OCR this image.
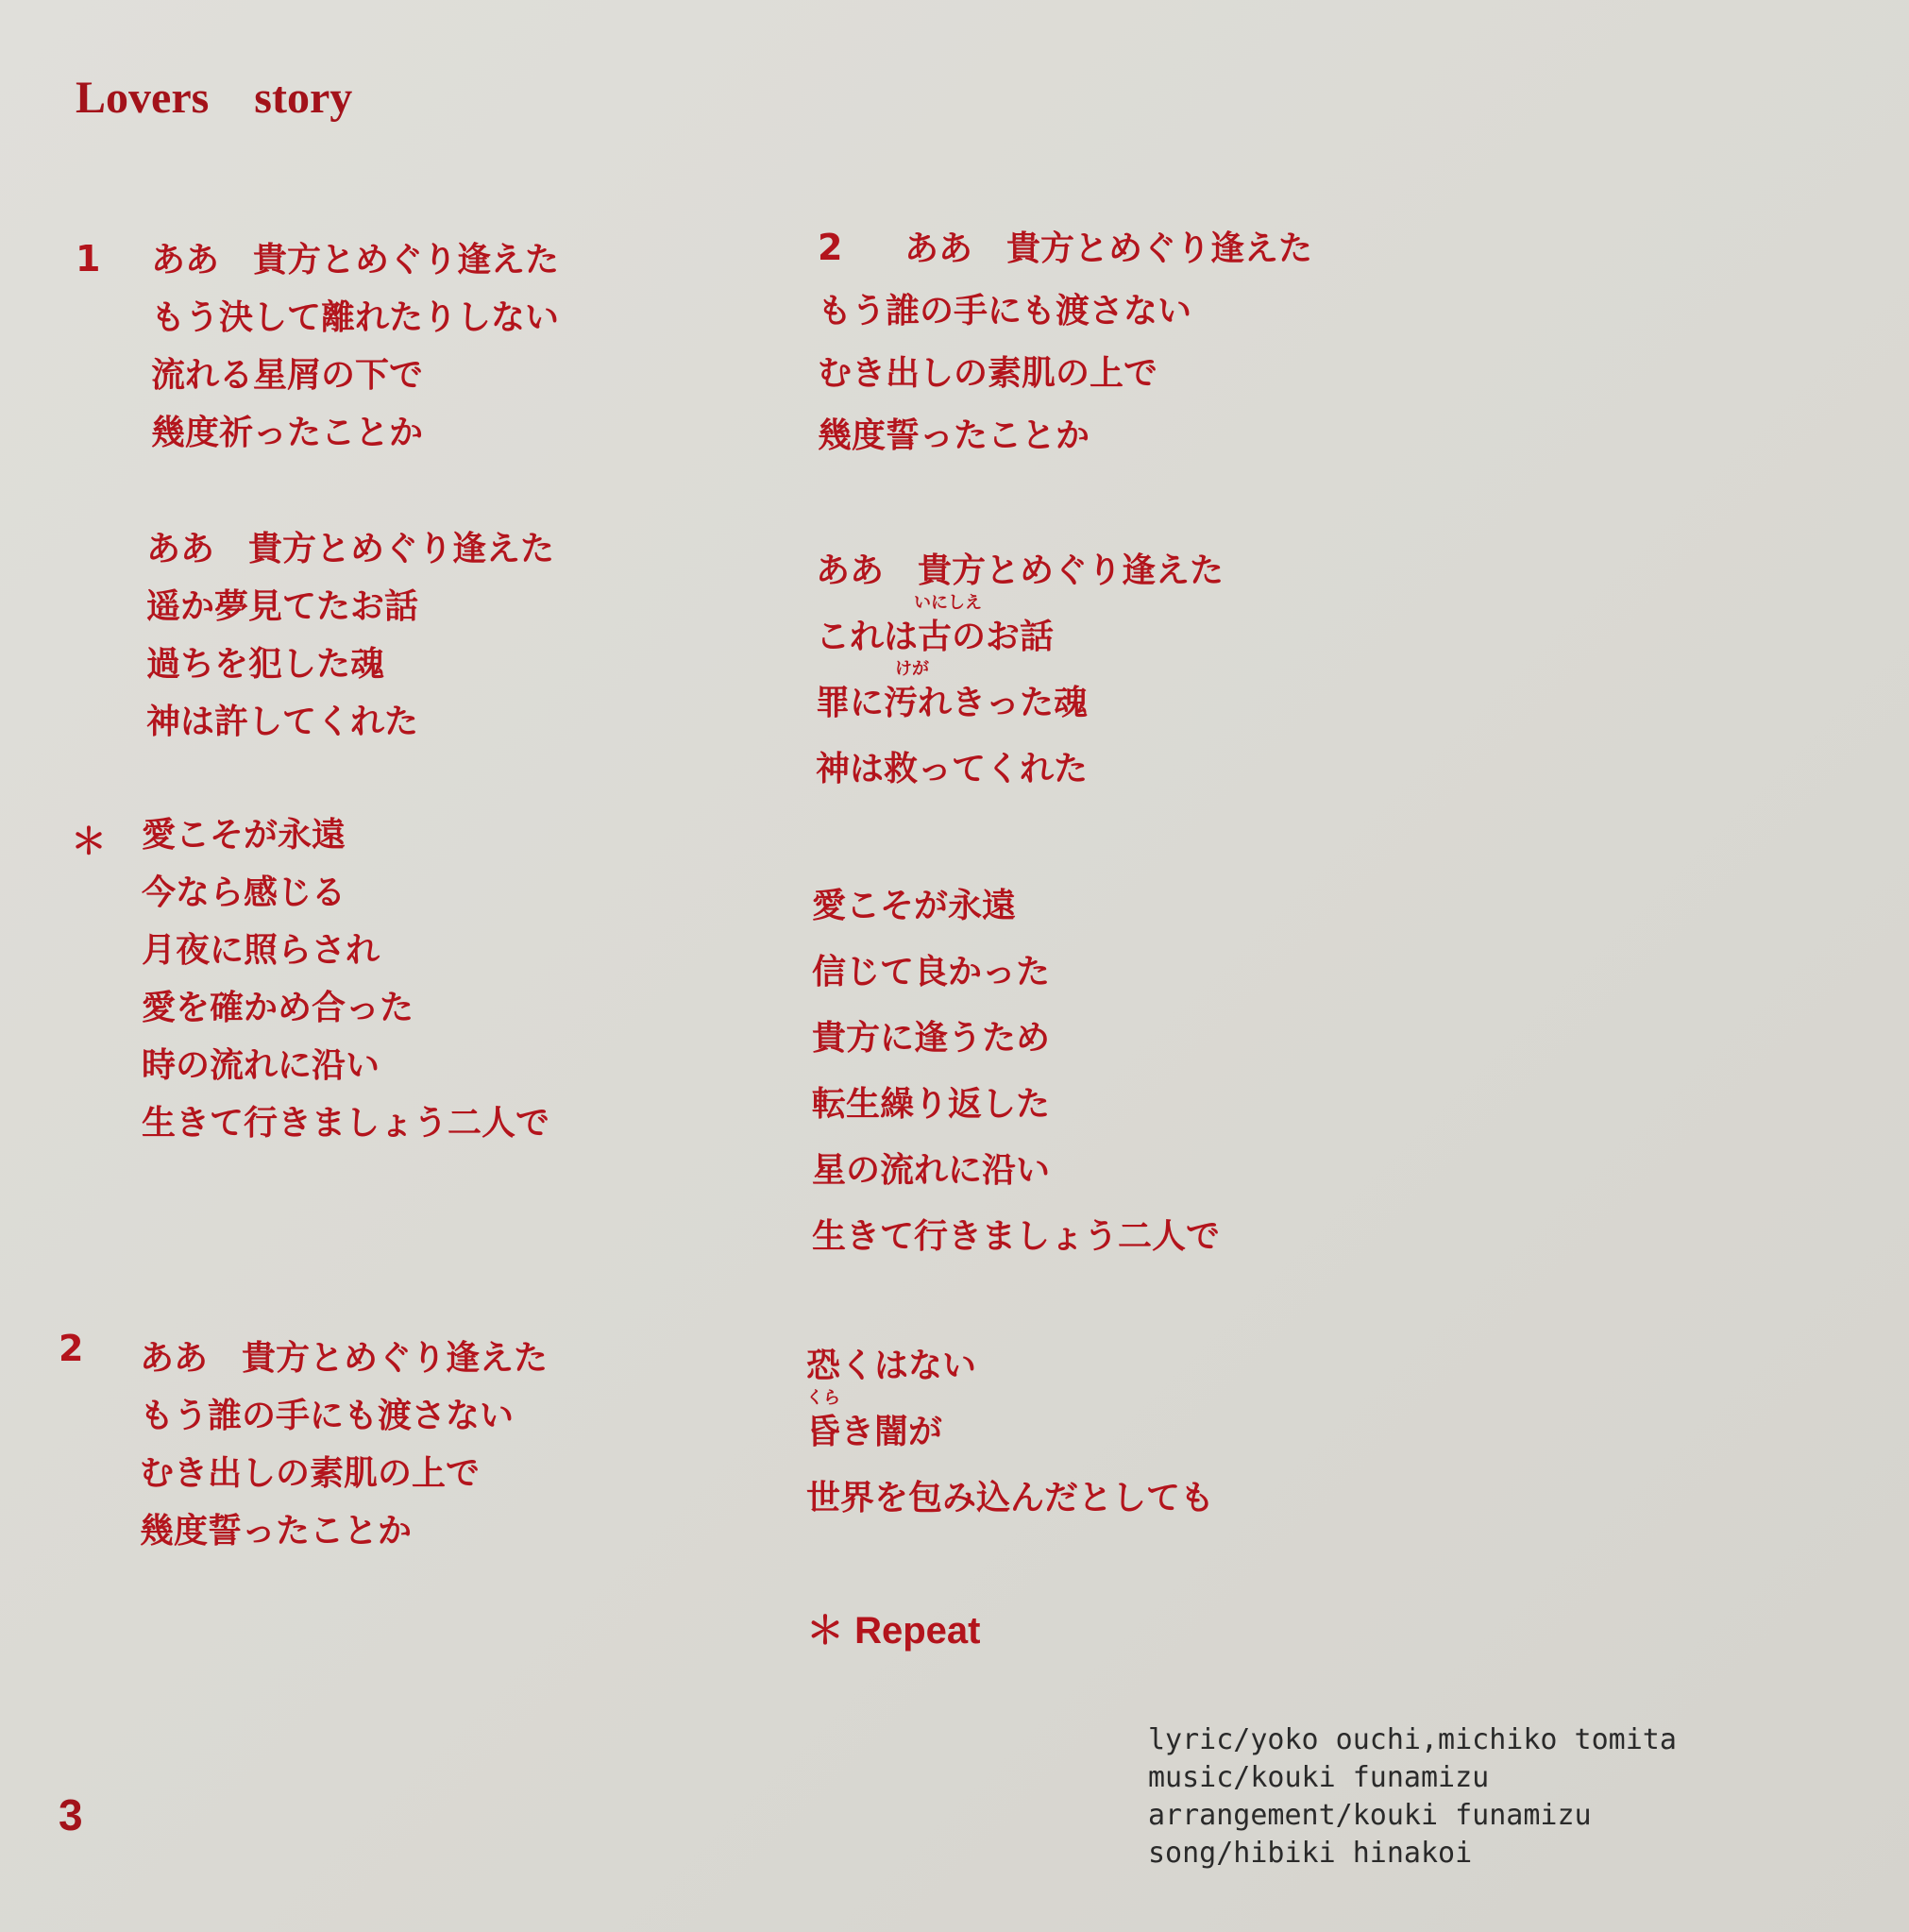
Lovers　story
1 ああ　貴方とめぐり逢えた
もう決して離れたりしない
流れる星屑の下で
幾度祈ったことか
ああ　貴方とめぐり逢えた
遥か夢見てたお話
過ちを犯した魂
神は許してくれた
＊ 愛こそが永遠
今なら感じる
月夜に照らされ
愛を確かめ合った
時の流れに沿い
生きて行きましょう二人で
2 ああ　貴方とめぐり逢えた
もう誰の手にも渡さない
むき出しの素肌の上で
幾度誓ったことか
2 ああ　貴方とめぐり逢えた
もう誰の手にも渡さない
むき出しの素肌の上で
幾度誓ったことか
ああ　貴方とめぐり逢えた
いにしえ
これは古のお話
けが
罪に汚れきった魂
神は救ってくれた
愛こそが永遠
信じて良かった
貴方に逢うため
転生繰り返した
星の流れに沿い
生きて行きましょう二人で
恐くはない
くら
昏き闇が
世界を包み込んだとしても
＊ Repeat
lyric/yoko ouchi,michiko tomita
music/kouki funamizu
arrangement/kouki funamizu
song/hibiki hinakoi
3
